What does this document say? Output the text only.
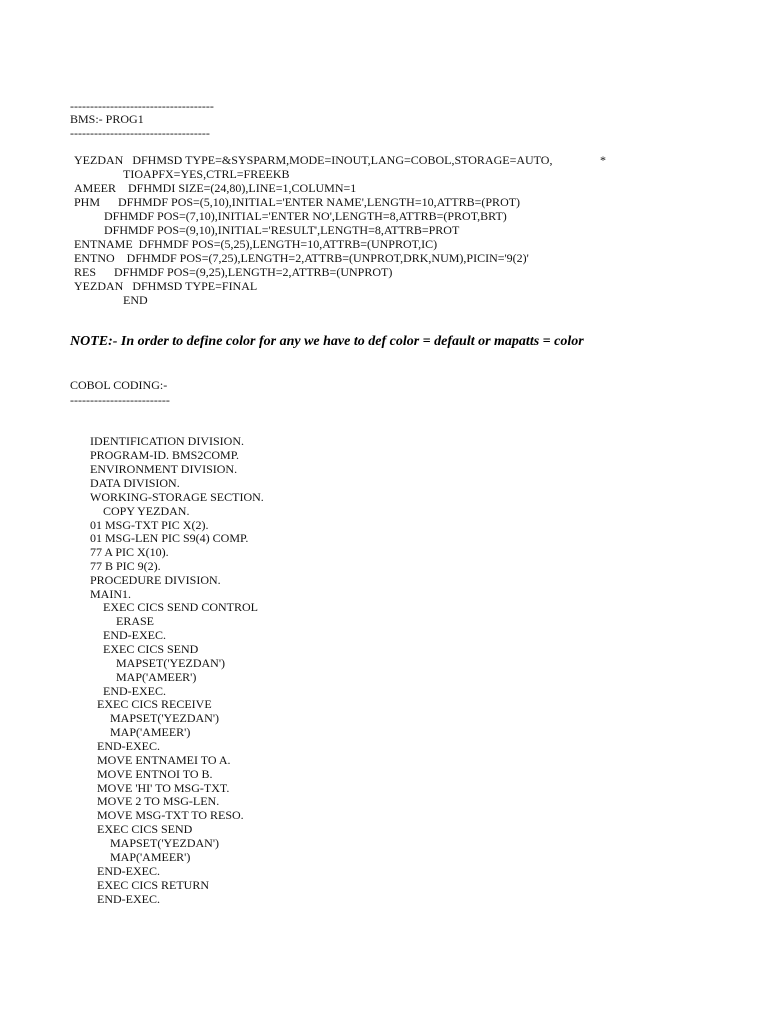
------------------------------------

BMS:- PROG1

-----------------------------------

YEZDAN   DFHMSD TYPE=&SYSPARM,MODE=INOUT,LANG=COBOL,STORAGE=AUTO,	*

TIOAPFX=YES,CTRL=FREEKB

AMEER    DFHMDI SIZE=(24,80),LINE=1,COLUMN=1

PHM      DFHMDF POS=(5,10),INITIAL='ENTER NAME',LENGTH=10,ATTRB=(PROT)

DFHMDF POS=(7,10),INITIAL='ENTER NO',LENGTH=8,ATTRB=(PROT,BRT)

DFHMDF POS=(9,10),INITIAL='RESULT',LENGTH=8,ATTRB=PROT

ENTNAME  DFHMDF POS=(5,25),LENGTH=10,ATTRB=(UNPROT,IC)

ENTNO    DFHMDF POS=(7,25),LENGTH=2,ATTRB=(UNPROT,DRK,NUM),PICIN='9(2)'

RES      DFHMDF POS=(9,25),LENGTH=2,ATTRB=(UNPROT)

YEZDAN   DFHMSD TYPE=FINAL

END

NOTE:- In order to define color for any we have to def color = default or mapatts = color

COBOL CODING:-

-------------------------

IDENTIFICATION DIVISION.

PROGRAM-ID. BMS2COMP.

ENVIRONMENT DIVISION.

DATA DIVISION.

WORKING-STORAGE SECTION.

COPY YEZDAN.

01 MSG-TXT PIC X(2).

01 MSG-LEN PIC S9(4) COMP.

77 A PIC X(10).

77 B PIC 9(2).

PROCEDURE DIVISION.

MAIN1.

EXEC CICS SEND CONTROL

ERASE

END-EXEC.

EXEC CICS SEND

MAPSET('YEZDAN')

MAP('AMEER')

END-EXEC.

EXEC CICS RECEIVE

MAPSET('YEZDAN')

MAP('AMEER')

END-EXEC.

MOVE ENTNAMEI TO A.

MOVE ENTNOI TO B.

MOVE 'HI' TO MSG-TXT.

MOVE 2 TO MSG-LEN.

MOVE MSG-TXT TO RESO.

EXEC CICS SEND

MAPSET('YEZDAN')

MAP('AMEER')

END-EXEC.

EXEC CICS RETURN

END-EXEC.
